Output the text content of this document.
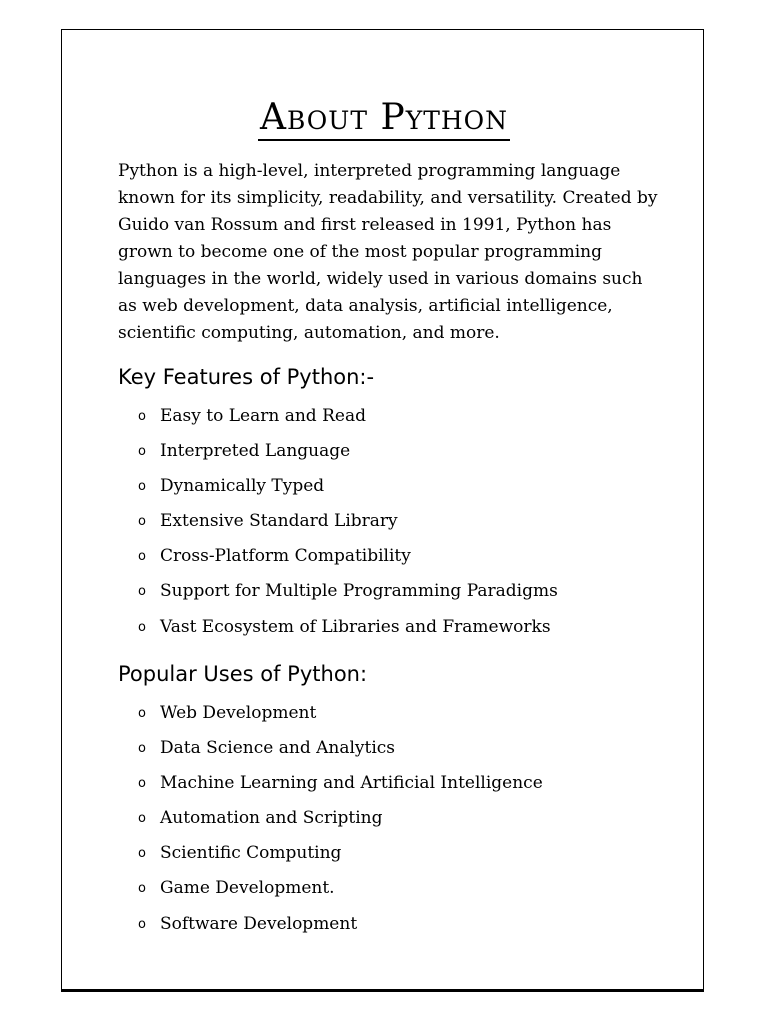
About Python

Python is a high-level, interpreted programming language known for its simplicity, readability, and versatility. Created by Guido van Rossum and first released in 1991, Python has grown to become one of the most popular programming languages in the world, widely used in various domains such as web development, data analysis, artificial intelligence, scientific computing, automation, and more.

Key Features of Python:-
o Easy to Learn and Read
o Interpreted Language
o Dynamically Typed
o Extensive Standard Library
o Cross-Platform Compatibility
o Support for Multiple Programming Paradigms
o Vast Ecosystem of Libraries and Frameworks
Popular Uses of Python:
o Web Development
o Data Science and Analytics
o Machine Learning and Artificial Intelligence
o Automation and Scripting
o Scientific Computing
o Game Development.
o Software Development
